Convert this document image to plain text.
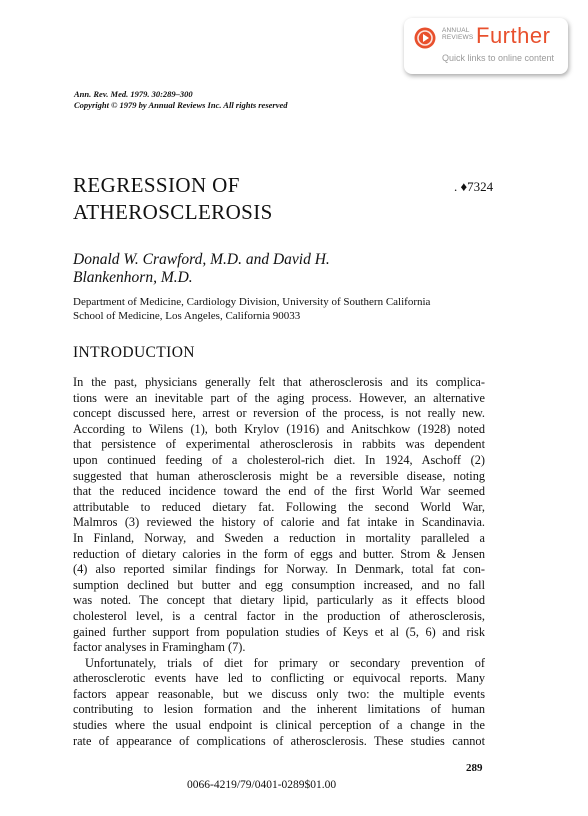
ANNUAL
REVIEWS Further
Quick links to online content
Ann. Rev. Med. 1979. 30:289–300
Copyright © 1979 by Annual Reviews Inc. All rights reserved
REGRESSION OF
ATHEROSCLEROSIS
. ♦7324
Donald W. Crawford, M.D. and David H.
Blankenhorn, M.D.
Department of Medicine, Cardiology Division, University of Southern California
School of Medicine, Los Angeles, California 90033
INTRODUCTION
In the past, physicians generally felt that atherosclerosis and its complica-
tions were an inevitable part of the aging process. However, an alternative
concept discussed here, arrest or reversion of the process, is not really new.
According to Wilens (1), both Krylov (1916) and Anitschkow (1928) noted
that persistence of experimental atherosclerosis in rabbits was dependent
upon continued feeding of a cholesterol-rich diet. In 1924, Aschoff (2)
suggested that human atherosclerosis might be a reversible disease, noting
that the reduced incidence toward the end of the first World War seemed
attributable to reduced dietary fat. Following the second World War,
Malmros (3) reviewed the history of calorie and fat intake in Scandinavia.
In Finland, Norway, and Sweden a reduction in mortality paralleled a
reduction of dietary calories in the form of eggs and butter. Strom & Jensen
(4) also reported similar findings for Norway. In Denmark, total fat con-
sumption declined but butter and egg consumption increased, and no fall
was noted. The concept that dietary lipid, particularly as it effects blood
cholesterol level, is a central factor in the production of atherosclerosis,
gained further support from population studies of Keys et al (5, 6) and risk
factor analyses in Framingham (7).
Unfortunately, trials of diet for primary or secondary prevention of
atherosclerotic events have led to conflicting or equivocal reports. Many
factors appear reasonable, but we discuss only two: the multiple events
contributing to lesion formation and the inherent limitations of human
studies where the usual endpoint is clinical perception of a change in the
rate of appearance of complications of atherosclerosis. These studies cannot
289
0066-4219/79/0401-0289$01.00
